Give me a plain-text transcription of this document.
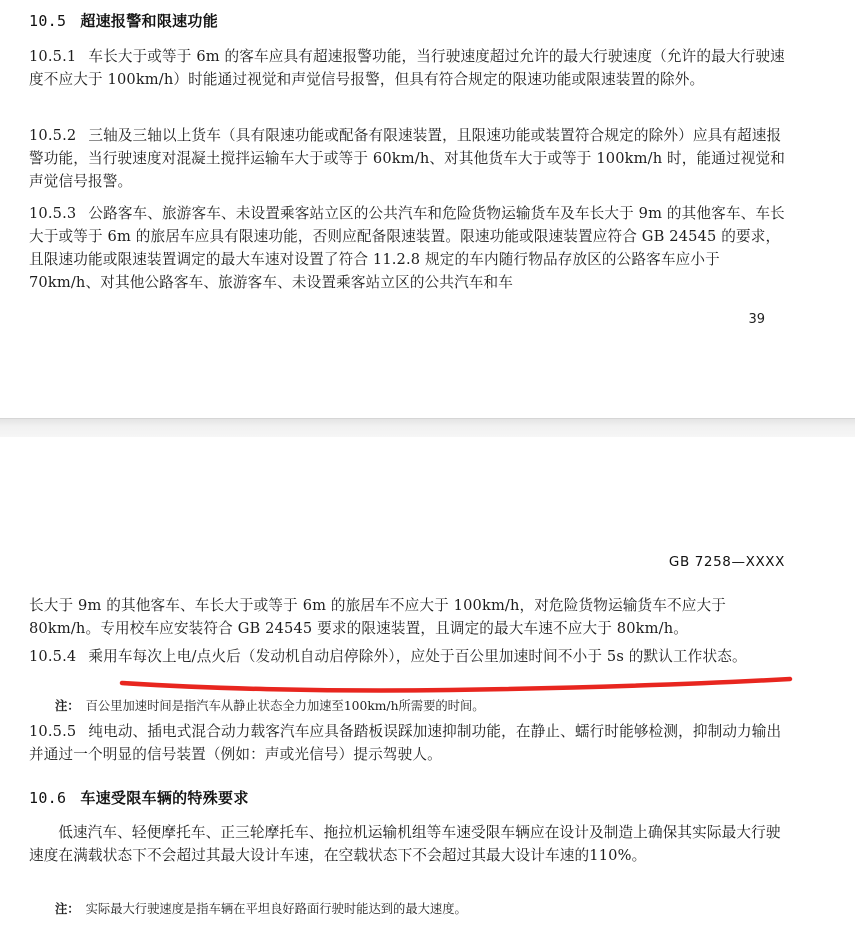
10.5 超速报警和限速功能
10.5.1 车长大于或等于 6m 的客车应具有超速报警功能，当行驶速度超过允许的最大行驶速度（允许的最大行驶速度不应大于 100km/h）时能通过视觉和声觉信号报警，但具有符合规定的限速功能或限速装置的除外。
10.5.2 三轴及三轴以上货车（具有限速功能或配备有限速装置，且限速功能或装置符合规定的除外）应具有超速报警功能，当行驶速度对混凝土搅拌运输车大于或等于 60km/h、对其他货车大于或等于 100km/h 时，能通过视觉和声觉信号报警。
10.5.3 公路客车、旅游客车、未设置乘客站立区的公共汽车和危险货物运输货车及车长大于 9m 的其他客车、车长大于或等于 6m 的旅居车应具有限速功能，否则应配备限速装置。限速功能或限速装置应符合 GB 24545 的要求，且限速功能或限速装置调定的最大车速对设置了符合 11.2.8 规定的车内随行物品存放区的公路客车应小于 70km/h、对其他公路客车、旅游客车、未设置乘客站立区的公共汽车和车
39
GB 7258—XXXX
长大于 9m 的其他客车、车长大于或等于 6m 的旅居车不应大于 100km/h，对危险货物运输货车不应大于 80km/h。专用校车应安装符合 GB 24545 要求的限速装置，且调定的最大车速不应大于 80km/h。
10.5.4 乘用车每次上电/点火后（发动机自动启停除外），应处于百公里加速时间不小于 5s 的默认工作状态。
注： 百公里加速时间是指汽车从静止状态全力加速至100km/h所需要的时间。
10.5.5 纯电动、插电式混合动力载客汽车应具备踏板误踩加速抑制功能，在静止、蠕行时能够检测，抑制动力输出并通过一个明显的信号装置（例如：声或光信号）提示驾驶人。
10.6 车速受限车辆的特殊要求
低速汽车、轻便摩托车、正三轮摩托车、拖拉机运输机组等车速受限车辆应在设计及制造上确保其实际最大行驶速度在满载状态下不会超过其最大设计车速，在空载状态下不会超过其最大设计车速的110%。
注： 实际最大行驶速度是指车辆在平坦良好路面行驶时能达到的最大速度。
